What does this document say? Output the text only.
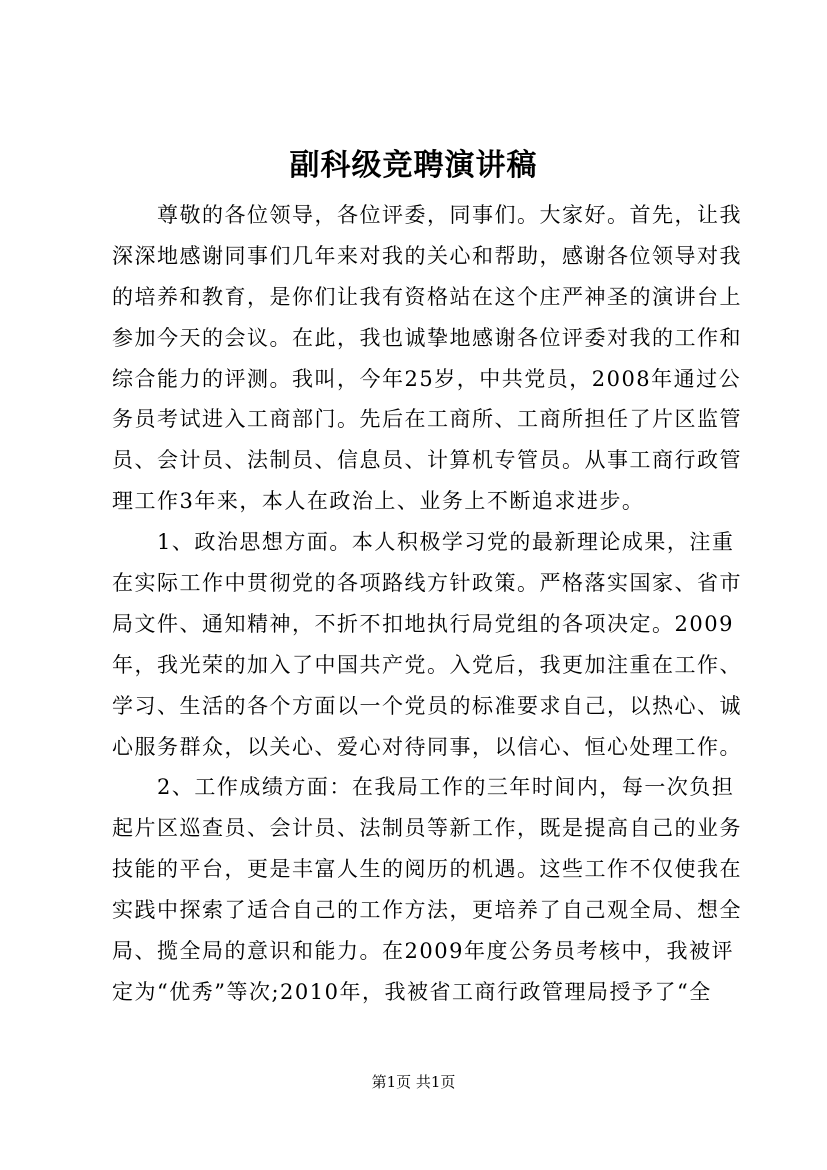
副科级竞聘演讲稿
　　尊敬的各位领导，各位评委，同事们。大家好。首先，让我
深深地感谢同事们几年来对我的关心和帮助，感谢各位领导对我
的培养和教育，是你们让我有资格站在这个庄严神圣的演讲台上
参加今天的会议。在此，我也诚挚地感谢各位评委对我的工作和
综合能力的评测。我叫，今年25岁，中共党员，2008年通过公
务员考试进入工商部门。先后在工商所、工商所担任了片区监管
员、会计员、法制员、信息员、计算机专管员。从事工商行政管
理工作3年来，本人在政治上、业务上不断追求进步。
　　1、政治思想方面。本人积极学习党的最新理论成果，注重
在实际工作中贯彻党的各项路线方针政策。严格落实国家、省市
局文件、通知精神，不折不扣地执行局党组的各项决定。2009
年，我光荣的加入了中国共产党。入党后，我更加注重在工作、
学习、生活的各个方面以一个党员的标准要求自己，以热心、诚
心服务群众，以关心、爱心对待同事，以信心、恒心处理工作。
　　2、工作成绩方面：在我局工作的三年时间内，每一次负担
起片区巡查员、会计员、法制员等新工作，既是提高自己的业务
技能的平台，更是丰富人生的阅历的机遇。这些工作不仅使我在
实践中探索了适合自己的工作方法，更培养了自己观全局、想全
局、揽全局的意识和能力。在2009年度公务员考核中，我被评
定为“优秀”等次;2010年，我被省工商行政管理局授予了“全
第1页 共1页
